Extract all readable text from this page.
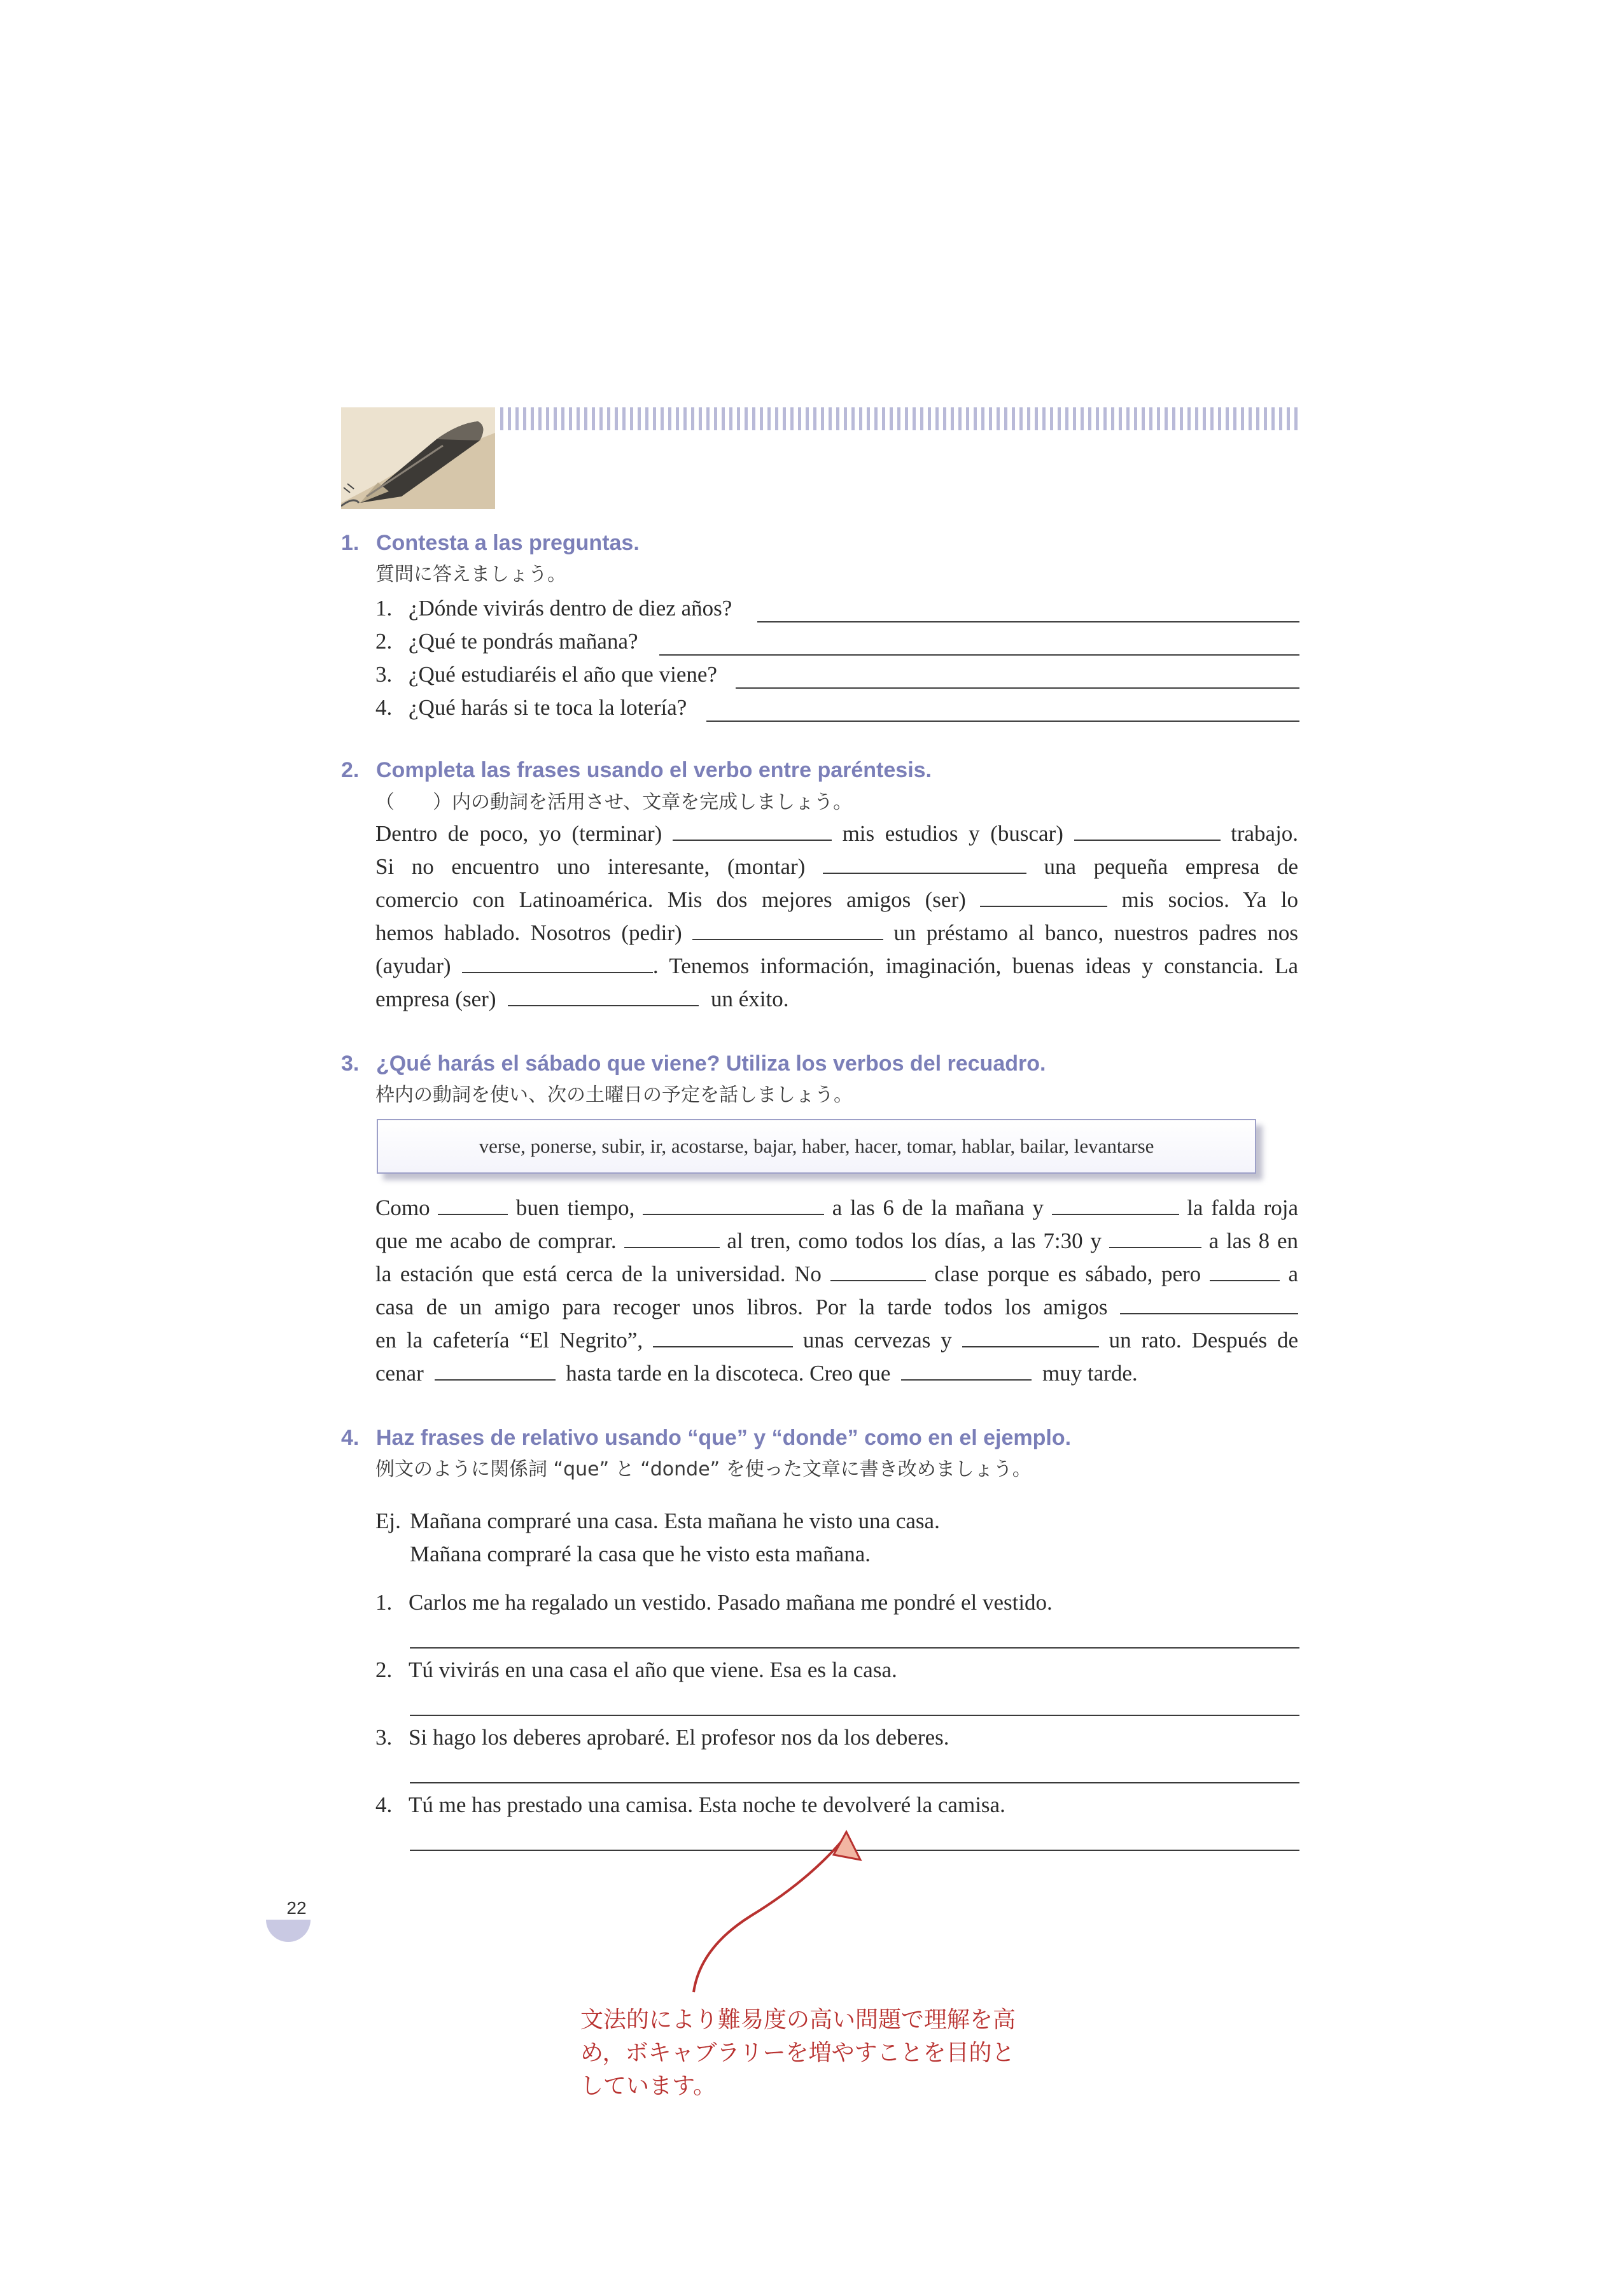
1. Contesta a las preguntas.
質問に答えましょう。
1. ¿Dónde vivirás dentro de diez años?
2. ¿Qué te pondrás mañana?
3. ¿Qué estudiaréis el año que viene?
4. ¿Qué harás si te toca la lotería?
2. Completa las frases usando el verbo entre paréntesis.
（　　）内の動詞を活用させ、文章を完成しましょう。
Dentro de poco, yo (terminar)	mis estudios y (buscar)	trabajo.
Si no encuentro uno interesante, (montar)	una pequeña empresa de
comercio con Latinoamérica. Mis dos mejores amigos (ser)	mis socios. Ya lo
hemos hablado. Nosotros (pedir)	un préstamo al banco, nuestros padres nos
(ayudar)	. Tenemos información, imaginación, buenas ideas y constancia. La
empresa (ser)	un éxito.
3. ¿Qué harás el sábado que viene? Utiliza los verbos del recuadro.
枠内の動詞を使い、次の土曜日の予定を話しましょう。
verse, ponerse, subir, ir, acostarse, bajar, haber, hacer, tomar, hablar, bailar, levantarse
Como	buen tiempo,	a las 6 de la mañana y	la falda roja
que me acabo de comprar.	al tren, como todos los días, a las 7:30 y	a las 8 en
la estación que está cerca de la universidad. No	clase porque es sábado, pero	a
casa de un amigo para recoger unos libros. Por la tarde todos los amigos
en la cafetería “El Negrito”,	unas cervezas y	un rato. Después de
cenar	hasta tarde en la discoteca. Creo que	muy tarde.
4. Haz frases de relativo usando “que” y “donde” como en el ejemplo.
例文のように関係詞 “que” と “donde” を使った文章に書き改めましょう。
Ej. Mañana compraré una casa. Esta mañana he visto una casa.
Mañana compraré la casa que he visto esta mañana.
1. Carlos me ha regalado un vestido. Pasado mañana me pondré el vestido.
2. Tú vivirás en una casa el año que viene. Esa es la casa.
3. Si hago los deberes aprobaré. El profesor nos da los deberes.
4. Tú me has prestado una camisa. Esta noche te devolveré la camisa.
22
文法的により難易度の高い問題で理解を高
め，ボキャブラリーを増やすことを目的と
しています。
